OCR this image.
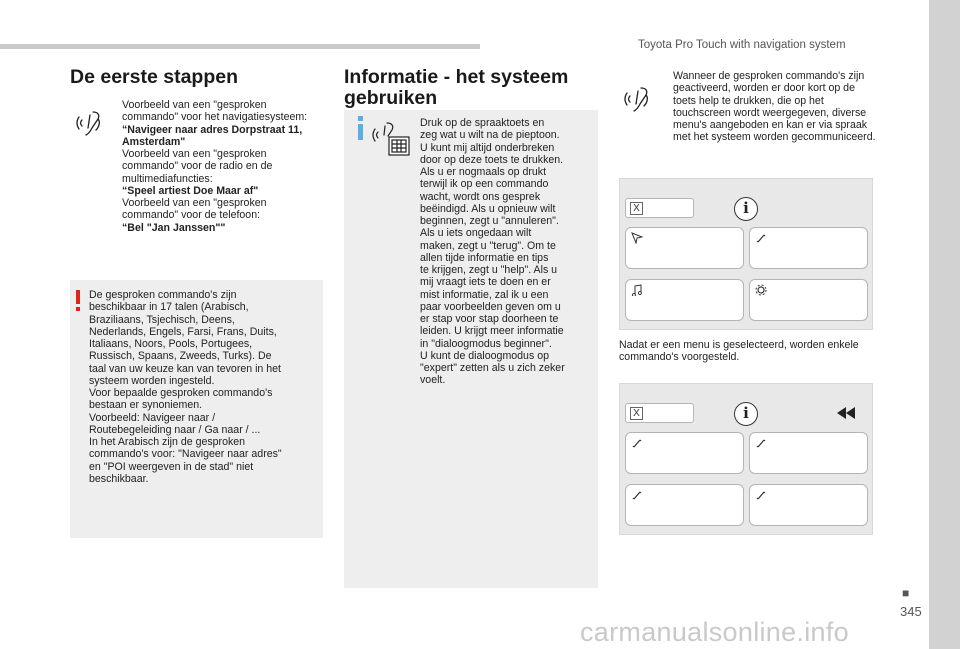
Toyota Pro Touch with navigation system
De eerste stappen
Voorbeeld van een "gesproken commando" voor het navigatiesysteem:
“Navigeer naar adres Dorpstraat 11, Amsterdam"
Voorbeeld van een "gesproken commando" voor de radio en de multimediafuncties:
“Speel artiest Doe Maar af"
Voorbeeld van een "gesproken commando" voor de telefoon:
“Bel "Jan Janssen""
De gesproken commando's zijn
beschikbaar in 17 talen (Arabisch,
Braziliaans, Tsjechisch, Deens,
Nederlands, Engels, Farsi, Frans, Duits,
Italiaans, Noors, Pools, Portugees,
Russisch, Spaans, Zweeds, Turks). De
taal van uw keuze kan van tevoren in het
systeem worden ingesteld.
Voor bepaalde gesproken commando's
bestaan er synoniemen.
Voorbeeld: Navigeer naar /
Routebegeleiding naar / Ga naar / ...
In het Arabisch zijn de gesproken
commando's voor: "Navigeer naar adres"
en "POI weergeven in de stad" niet
beschikbaar.
Informatie - het systeem gebruiken
Druk op de spraaktoets en
zeg wat u wilt na de pieptoon.
U kunt mij altijd onderbreken
door op deze toets te drukken.
Als u er nogmaals op drukt
terwijl ik op een commando
wacht, wordt ons gesprek
beëindigd. Als u opnieuw wilt
beginnen, zegt u "annuleren".
Als u iets ongedaan wilt
maken, zegt u "terug". Om te
allen tijde informatie en tips
te krijgen, zegt u "help". Als u
mij vraagt iets te doen en er
mist informatie, zal ik u een
paar voorbeelden geven om u
er stap voor stap doorheen te
leiden. U krijgt meer informatie
in "dialoogmodus beginner".
U kunt de dialoogmodus op
"expert" zetten als u zich zeker
voelt.
Wanneer de gesproken commando's zijn geactiveerd, worden er door kort op de toets help te drukken, die op het touchscreen wordt weergegeven, diverse menu's aangeboden en kan er via spraak met het systeem worden gecommuniceerd.
X	i
Nadat er een menu is geselecteerd, worden enkele commando's voorgesteld.
X	i
■
345
carmanualsonline.info
